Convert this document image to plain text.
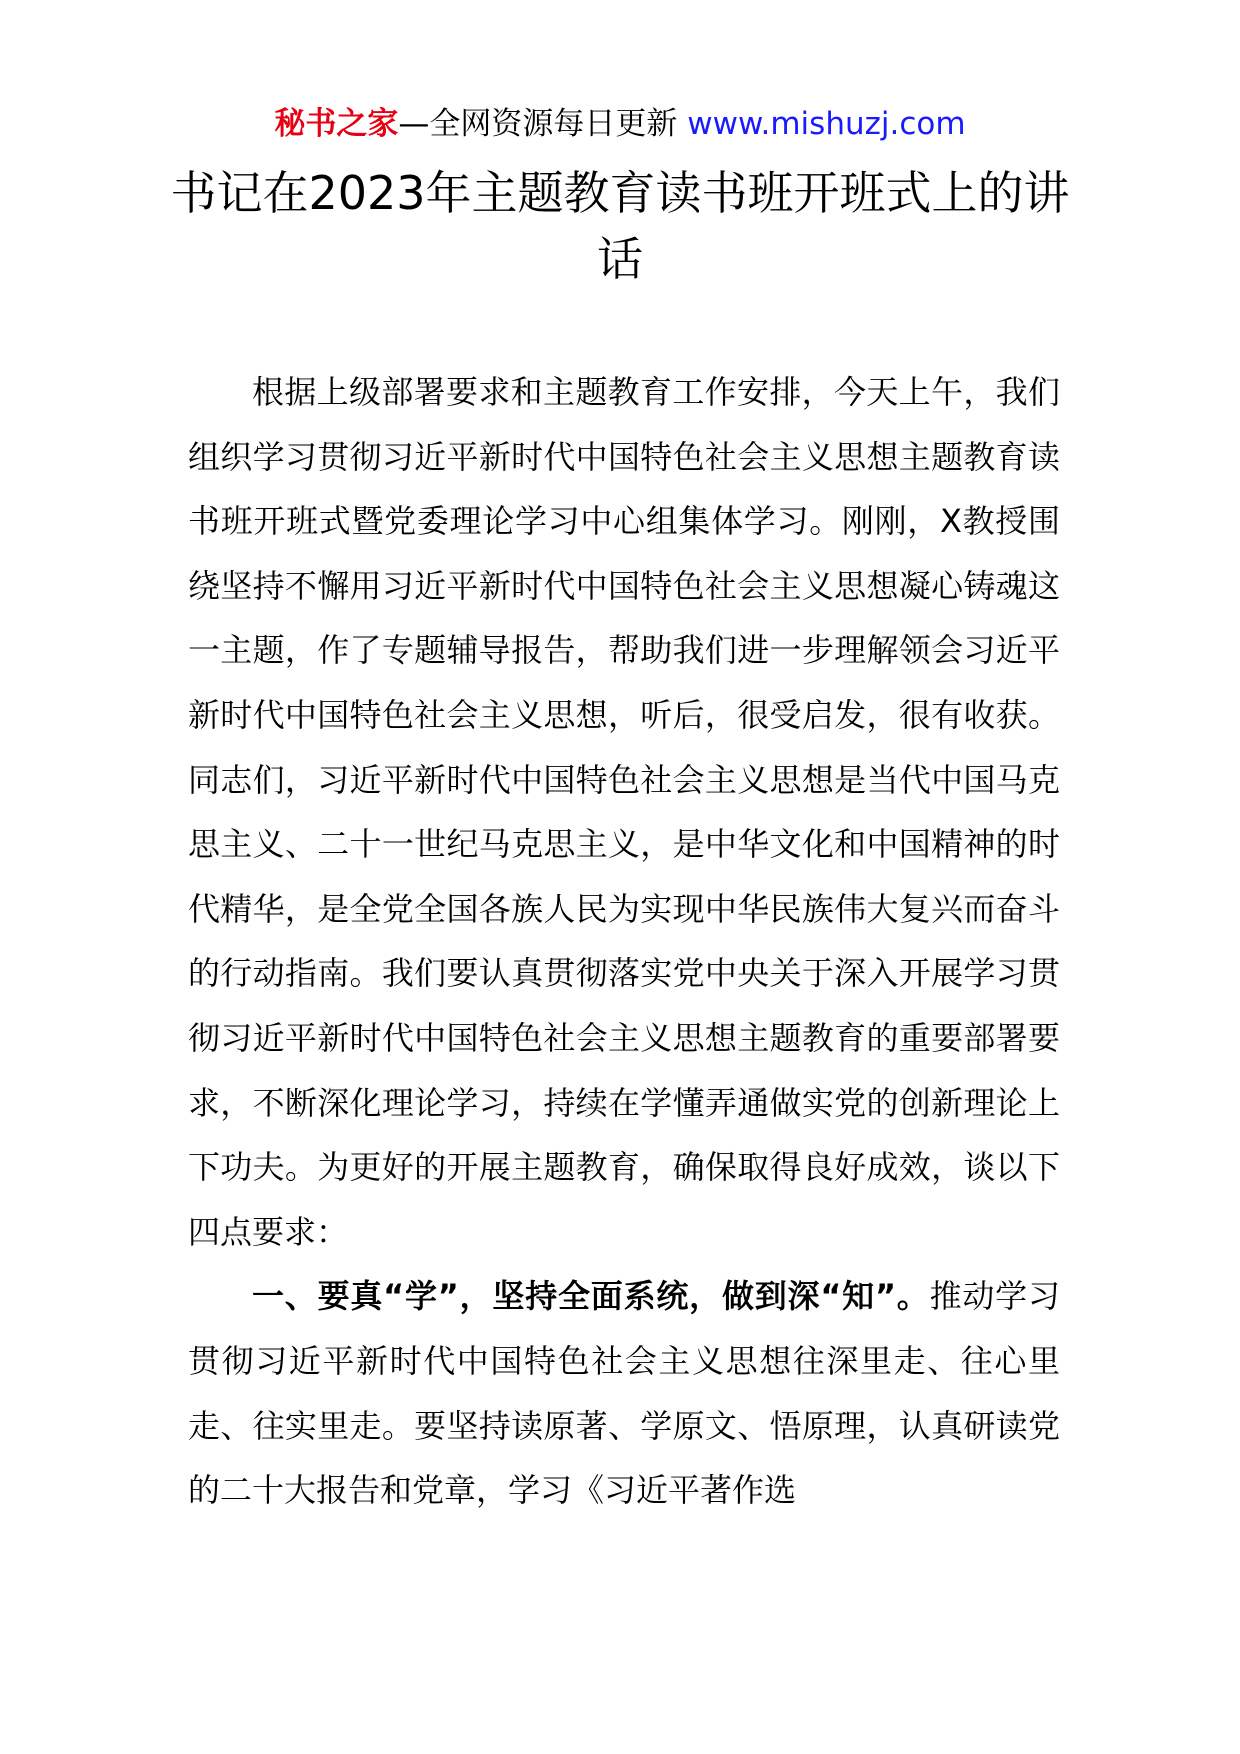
秘书之家—全网资源每日更新 www.mishuzj.com
书记在2023年主题教育读书班开班式上的讲话

根据上级部署要求和主题教育工作安排，今天上午，我们组织学习贯彻习近平新时代中国特色社会主义思想主题教育读书班开班式暨党委理论学习中心组集体学习。刚刚，X教授围绕坚持不懈用习近平新时代中国特色社会主义思想凝心铸魂这一主题，作了专题辅导报告，帮助我们进一步理解领会习近平新时代中国特色社会主义思想，听后，很受启发，很有收获。同志们，习近平新时代中国特色社会主义思想是当代中国马克思主义、二十一世纪马克思主义，是中华文化和中国精神的时代精华，是全党全国各族人民为实现中华民族伟大复兴而奋斗的行动指南。我们要认真贯彻落实党中央关于深入开展学习贯彻习近平新时代中国特色社会主义思想主题教育的重要部署要求，不断深化理论学习，持续在学懂弄通做实党的创新理论上下功夫。为更好的开展主题教育，确保取得良好成效，谈以下四点要求：

一、要真“学”，坚持全面系统，做到深“知”。推动学习贯彻习近平新时代中国特色社会主义思想往深里走、往心里走、往实里走。要坚持读原著、学原文、悟原理，认真研读党的二十大报告和党章，学习《习近平著作选
